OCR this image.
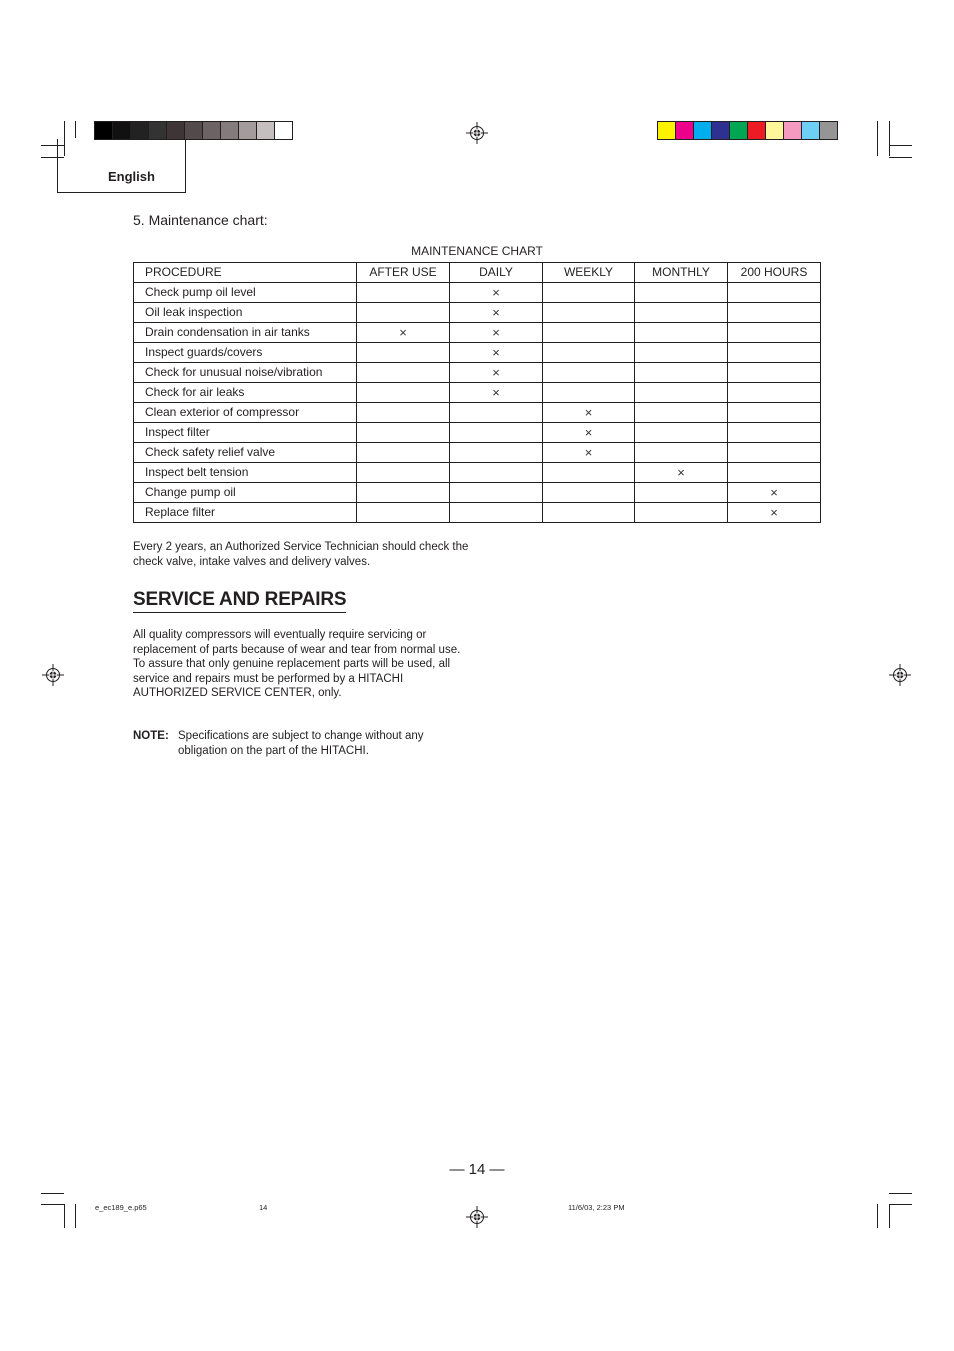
English
5. Maintenance chart:
MAINTENANCE CHART
PROCEDURE	AFTER USE	DAILY	WEEKLY	MONTHLY	200 HOURS
Check pump oil level		×			
Oil leak inspection		×			
Drain condensation in air tanks	×	×			
Inspect guards/covers		×			
Check for unusual noise/vibration		×			
Check for air leaks		×			
Clean exterior of compressor			×		
Inspect filter			×		
Check safety relief valve			×		
Inspect belt tension				×	
Change pump oil					×
Replace filter					×
Every 2 years, an Authorized Service Technician should check the check valve, intake valves and delivery valves.
SERVICE AND REPAIRS
All quality compressors will eventually require servicing or replacement of parts because of wear and tear from normal use. To assure that only genuine replacement parts will be used, all service and repairs must be performed by a HITACHI AUTHORIZED SERVICE CENTER, only.
NOTE: Specifications are subject to change without any obligation on the part of the HITACHI.
— 14 —
e_ec189_e.p65	14	11/6/03, 2:23 PM
